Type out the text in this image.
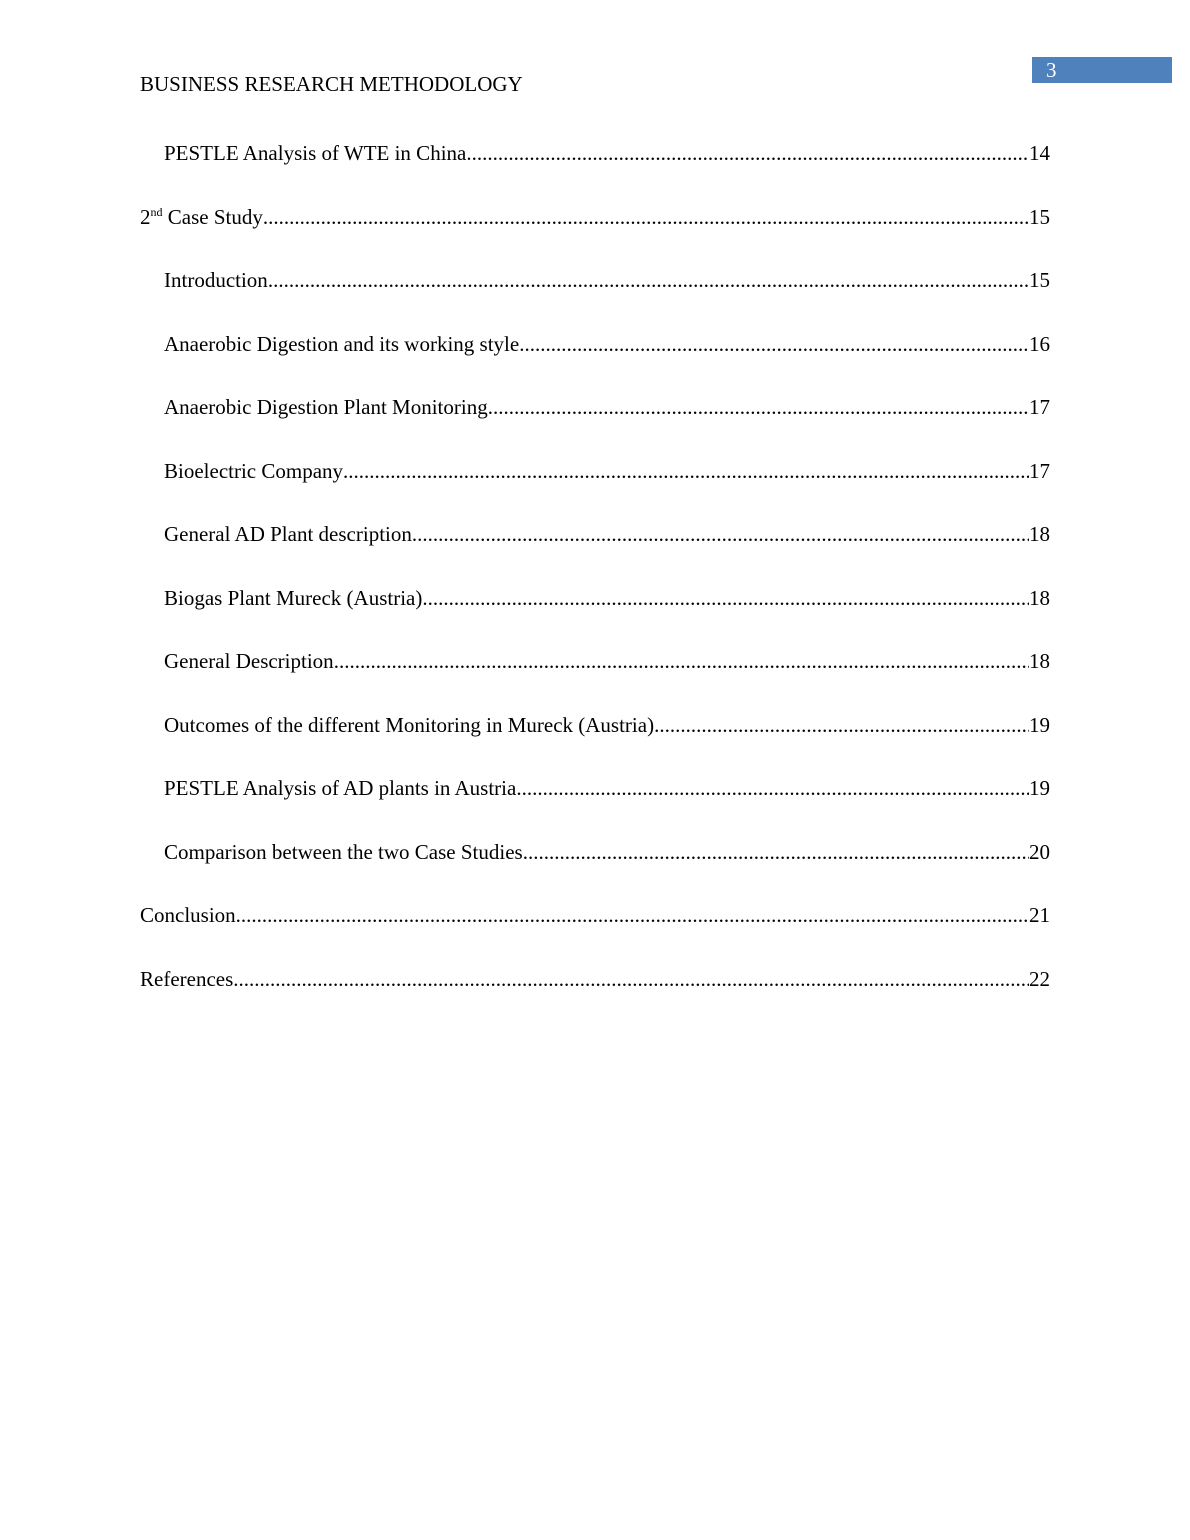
3
BUSINESS RESEARCH METHODOLOGY
PESTLE Analysis of WTE in China .....	14
2nd Case Study .....	15
Introduction .....	15
Anaerobic Digestion and its working style .....	16
Anaerobic Digestion Plant Monitoring .....	17
Bioelectric Company .....	17
General AD Plant description .....	18
Biogas Plant Mureck (Austria) .....	18
General Description .....	18
Outcomes of the different Monitoring in Mureck (Austria) .....	19
PESTLE Analysis of AD plants in Austria .....	19
Comparison between the two Case Studies .....	20
Conclusion .....	21
References .....	22
